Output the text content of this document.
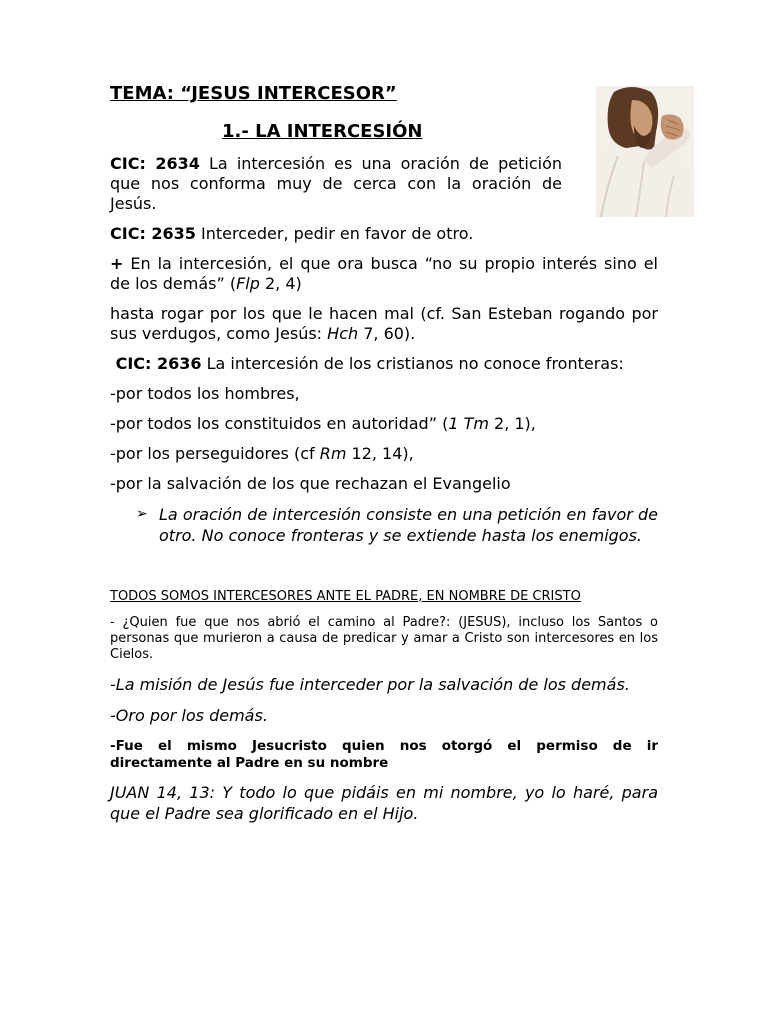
TEMA: “JESUS INTERCESOR”
1.- LA INTERCESIÓN

CIC: 2634 La intercesión es una oración de petición que nos conforma muy de cerca con la oración de Jesús.

CIC: 2635 Interceder, pedir en favor de otro.

+ En la intercesión, el que ora busca “no su propio interés sino el de los demás” (Flp 2, 4)

hasta rogar por los que le hacen mal (cf. San Esteban rogando por sus verdugos, como Jesús: Hch 7, 60).

CIC: 2636 La intercesión de los cristianos no conoce fronteras:

-por todos los hombres,

-por todos los constituidos en autoridad” (1 Tm 2, 1),

-por los perseguidores (cf Rm 12, 14),

-por la salvación de los que rechazan el Evangelio

➢ La oración de intercesión consiste en una petición en favor de otro. No conoce fronteras y se extiende hasta los enemigos.
TODOS SOMOS INTERCESORES ANTE EL PADRE, EN NOMBRE DE CRISTO

- ¿Quien fue que nos abrió el camino al Padre?: (JESUS), incluso los Santos o personas que murieron a causa de predicar y amar a Cristo son intercesores en los Cielos.

-La misión de Jesús fue interceder por la salvación de los demás.

-Oro por los demás.

-Fue el mismo Jesucristo quien nos otorgó el permiso de ir directamente al Padre en su nombre

JUAN 14, 13: Y todo lo que pidáis en mi nombre, yo lo haré, para que el Padre sea glorificado en el Hijo.
